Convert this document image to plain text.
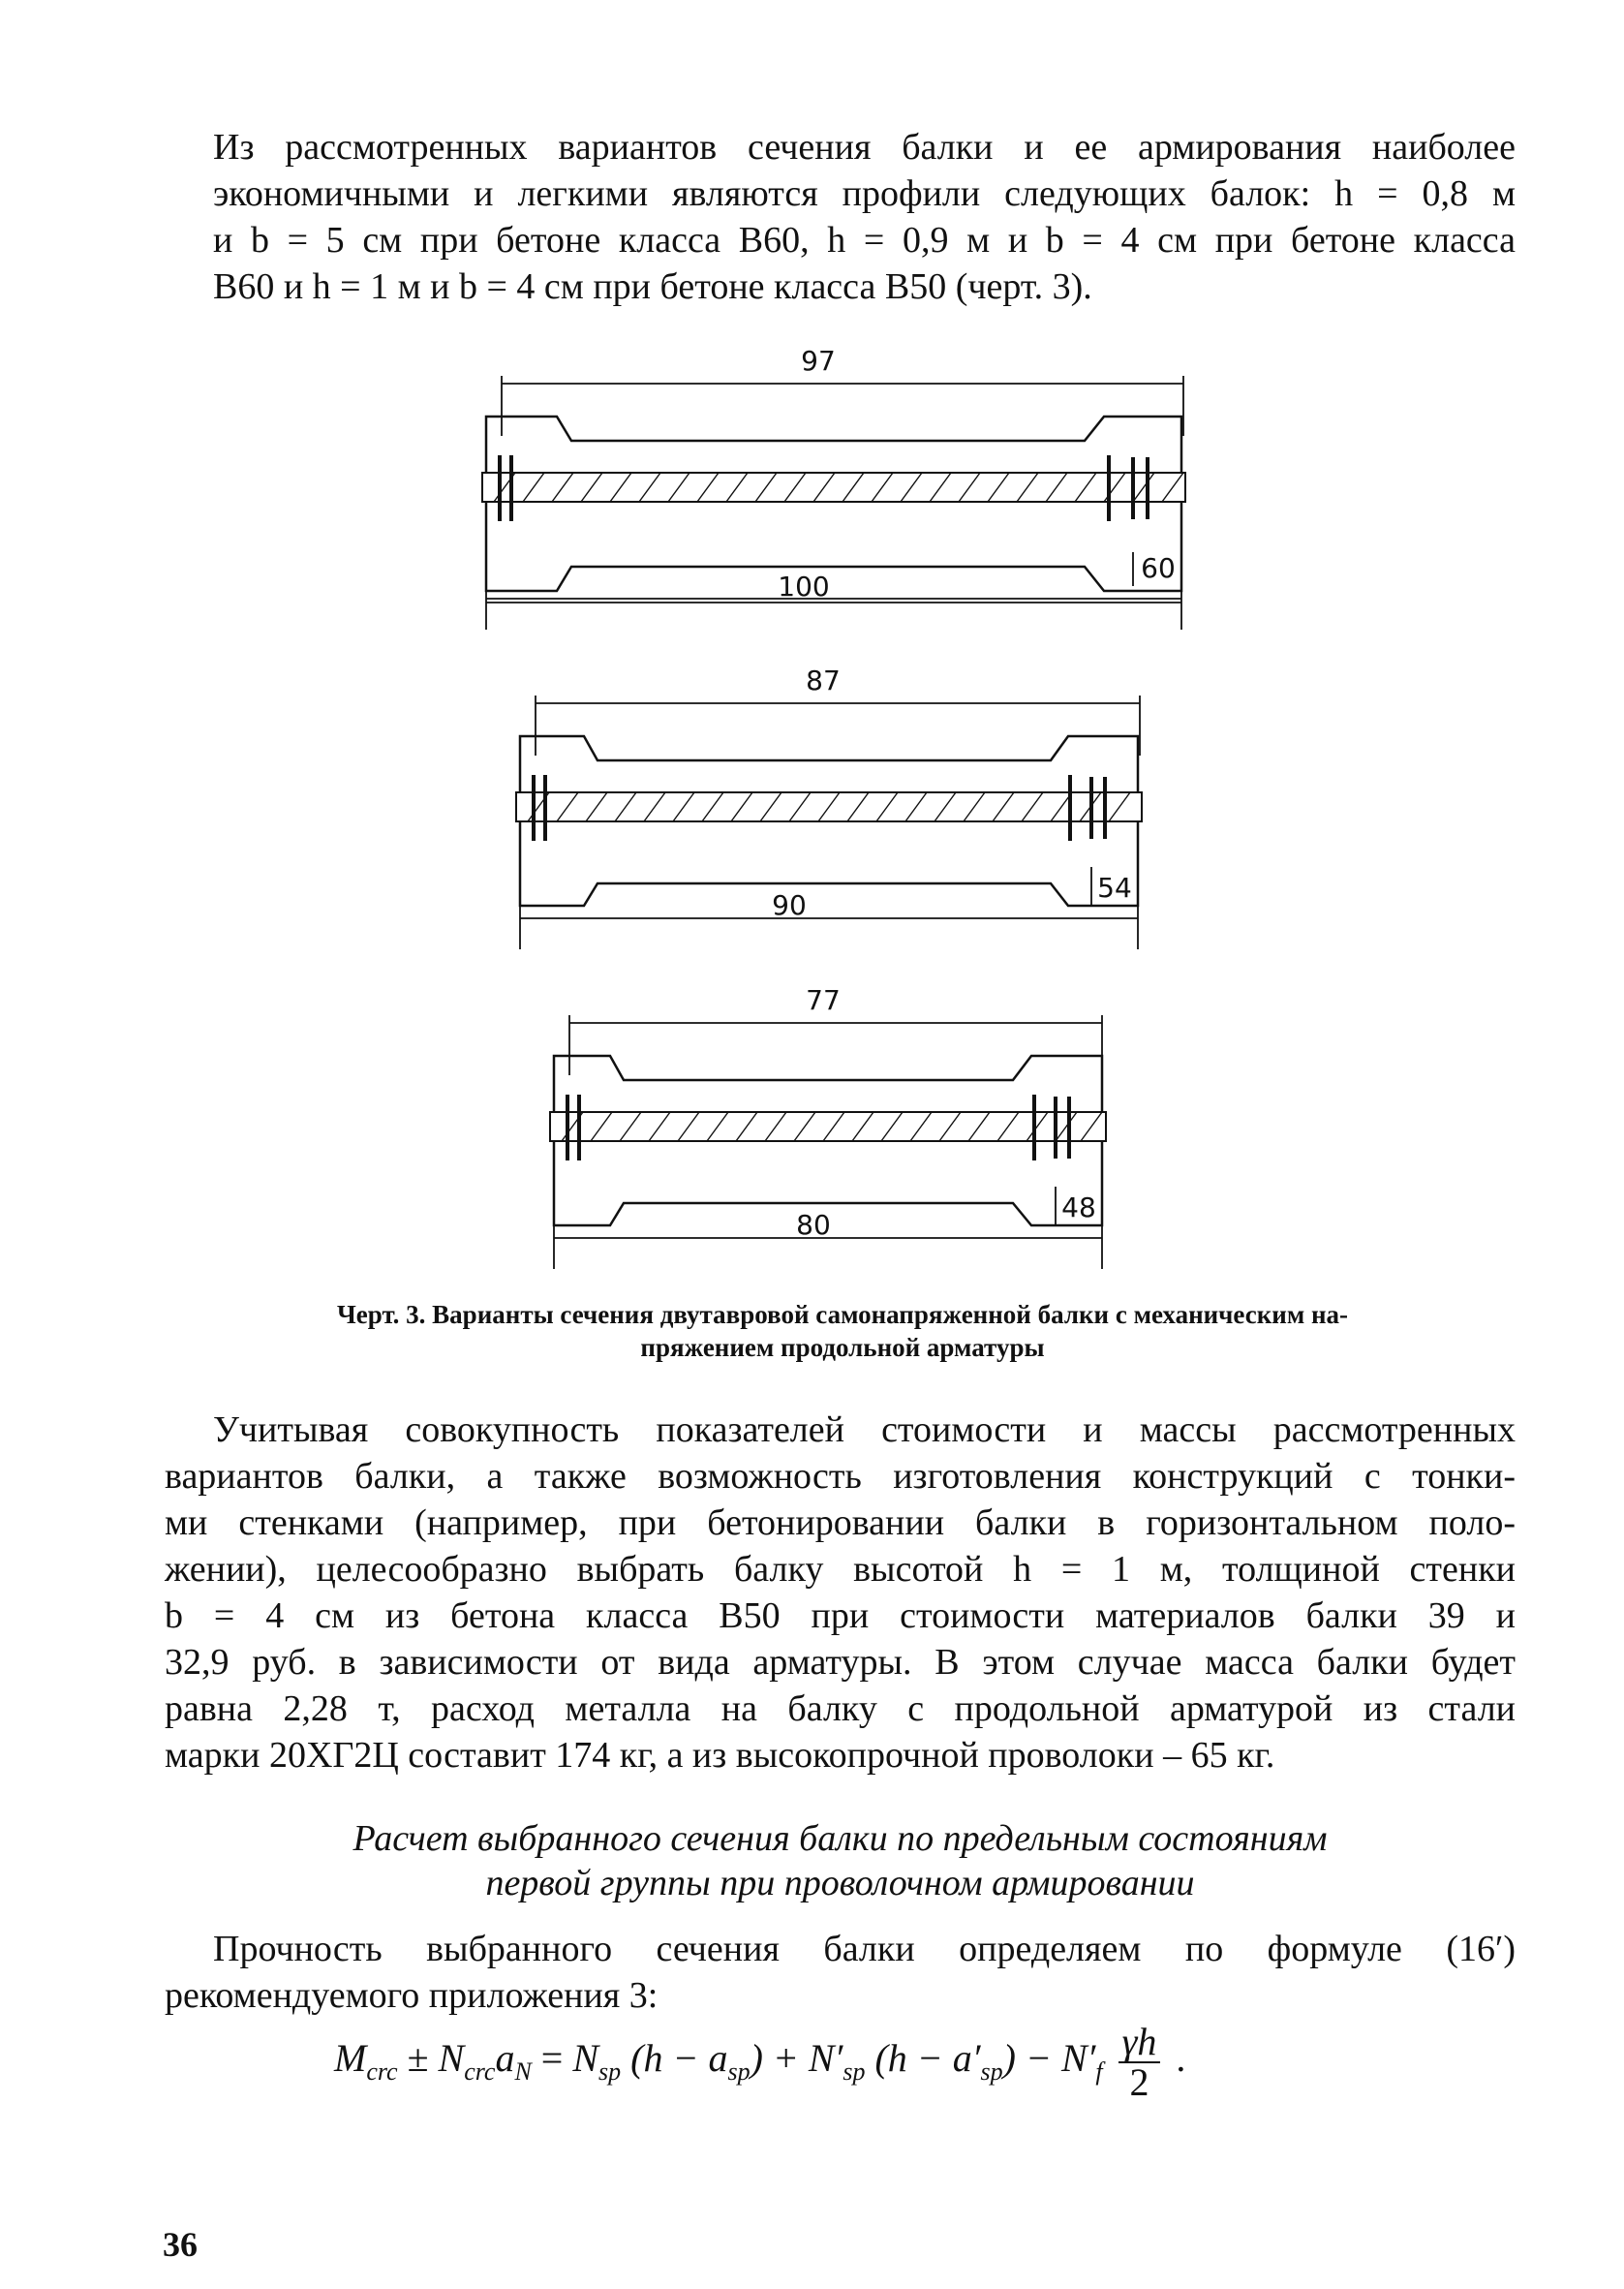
Из рассмотренных вариантов сечения балки и ее армирования наиболее
экономичными и легкими являются профили следующих балок: h = 0,8 м
и b = 5 см при бетоне класса В60, h = 0,9 м и b = 4 см при бетоне класса
В60 и h = 1 м и b = 4 см при бетоне класса В50 (черт. 3).
97
100
60
87
90
54
77
80
48
Черт. 3. Варианты сечения двутавровой самонапряженной балки с механическим на-
пряжением продольной арматуры
Учитывая совокупность показателей стоимости и массы рассмотренных
вариантов балки, а также возможность изготовления конструкций с тонки-
ми стенками (например, при бетонировании балки в горизонтальном поло-
жении), целесообразно выбрать балку высотой h = 1 м, толщиной стенки
b = 4 см из бетона класса В50 при стоимости материалов балки 39 и
32,9 руб. в зависимости от вида арматуры. В этом случае масса балки будет
равна 2,28 т, расход металла на балку с продольной арматурой из стали
марки 20ХГ2Ц составит 174 кг, а из высокопрочной проволоки – 65 кг.
Расчет выбранного сечения балки по предельным состояниям
первой группы при проволочном армировании
Прочность выбранного сечения балки определяем по формуле (16′)
рекомендуемого приложения 3:
$M_{crc} \pm N_{crc}a_N = N_{sp}$ $(h - a_{sp}) + N'_{sp}$ $(h - a'_{sp}) - N'_f \frac{\gamma h}{2}$ .
36
